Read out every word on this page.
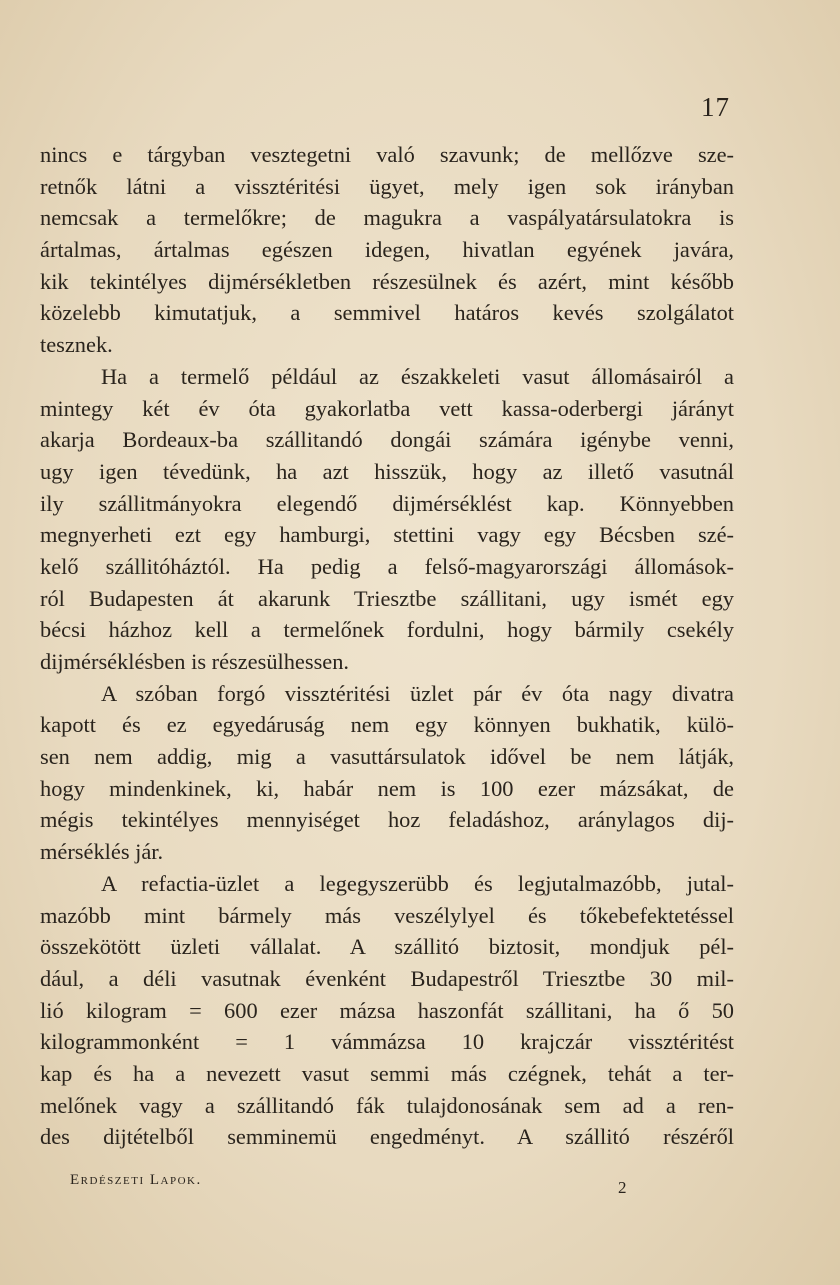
17
nincs e tárgyban vesztegetni való szavunk; de mellőzve sze-
retnők látni a vissztéritési ügyet, mely igen sok irányban
nemcsak a termelőkre; de magukra a vaspályatársulatokra is
ártalmas, ártalmas egészen idegen, hivatlan egyének javára,
kik tekintélyes dijmérsékletben részesülnek és azért, mint később
közelebb kimutatjuk, a semmivel határos kevés szolgálatot
tesznek.
Ha a termelő például az északkeleti vasut állomásairól a
mintegy két év óta gyakorlatba vett kassa-oderbergi járányt
akarja Bordeaux-ba szállitandó dongái számára igénybe venni,
ugy igen tévedünk, ha azt hisszük, hogy az illető vasutnál
ily szállitmányokra elegendő dijmérséklést kap. Könnyebben
megnyerheti ezt egy hamburgi, stettini vagy egy Bécsben szé-
kelő szállitóháztól. Ha pedig a felső-magyarországi állomások-
ról Budapesten át akarunk Triesztbe szállitani, ugy ismét egy
bécsi házhoz kell a termelőnek fordulni, hogy bármily csekély
dijmérséklésben is részesülhessen.
A szóban forgó vissztéritési üzlet pár év óta nagy divatra
kapott és ez egyedáruság nem egy könnyen bukhatik, külö-
sen nem addig, mig a vasuttársulatok idővel be nem látják,
hogy mindenkinek, ki, habár nem is 100 ezer mázsákat, de
mégis tekintélyes mennyiséget hoz feladáshoz, aránylagos dij-
mérséklés jár.
A refactia-üzlet a legegyszerübb és legjutalmazóbb, jutal-
mazóbb mint bármely más veszélylyel és tőkebefektetéssel
összekötött üzleti vállalat. A szállitó biztosit, mondjuk pél-
dául, a déli vasutnak évenként Budapestről Triesztbe 30 mil-
lió kilogram = 600 ezer mázsa haszonfát szállitani, ha ő 50
kilogrammonként = 1 vámmázsa 10 krajczár vissztéritést
kap és ha a nevezett vasut semmi más czégnek, tehát a ter-
melőnek vagy a szállitandó fák tulajdonosának sem ad a ren-
des dijtételből semminemü engedményt. A szállitó részéről
Erdészeti Lapok.	2
